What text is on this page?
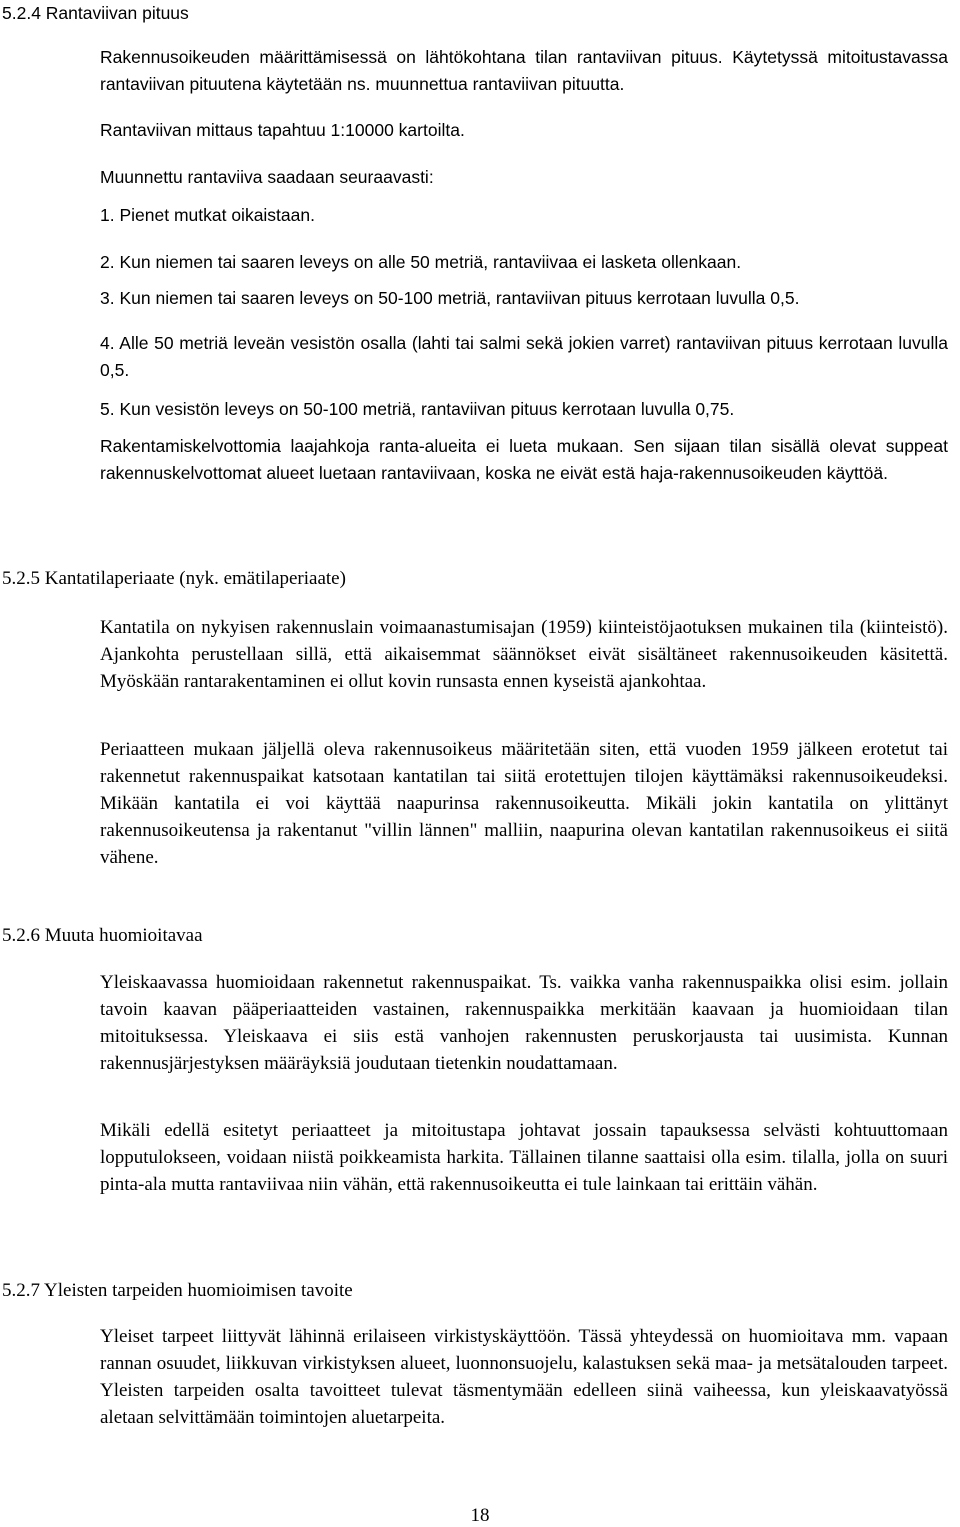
5.2.4 Rantaviivan pituus

Rakennusoikeuden määrittämisessä on lähtökohtana tilan rantaviivan pituus. Käytetyssä mitoitustavassa rantaviivan pituutena käytetään ns. muunnettua rantaviivan pituutta.

Rantaviivan mittaus tapahtuu 1:10000 kartoilta.

Muunnettu rantaviiva saadaan seuraavasti:

1. Pienet mutkat oikaistaan.

2. Kun niemen tai saaren leveys on alle 50 metriä, rantaviivaa ei lasketa ollenkaan.

3. Kun niemen tai saaren leveys on 50-100 metriä, rantaviivan pituus kerrotaan luvulla 0,5.

4. Alle 50 metriä leveän vesistön osalla (lahti tai salmi sekä jokien varret) rantaviivan pituus kerrotaan luvulla 0,5.

5. Kun vesistön leveys on 50-100 metriä, rantaviivan pituus kerrotaan luvulla 0,75.

Rakentamiskelvottomia laajahkoja ranta-alueita ei lueta mukaan. Sen sijaan tilan sisällä olevat suppeat rakennuskelvottomat alueet luetaan rantaviivaan, koska ne eivät estä haja-rakennusoikeuden käyttöä.

5.2.5 Kantatilaperiaate (nyk. emätilaperiaate)

Kantatila on nykyisen rakennuslain voimaanastumisajan (1959) kiinteistöjaotuksen mukainen tila (kiinteistö). Ajankohta perustellaan sillä, että aikaisemmat säännökset eivät sisältäneet rakennusoikeuden käsitettä. Myöskään rantarakentaminen ei ollut kovin runsasta ennen kyseistä ajankohtaa.

Periaatteen mukaan jäljellä oleva rakennusoikeus määritetään siten, että vuoden 1959 jälkeen erotetut tai rakennetut rakennuspaikat katsotaan kantatilan tai siitä erotettujen tilojen käyttämäksi rakennusoikeudeksi. Mikään kantatila ei voi käyttää naapurinsa rakennusoikeutta. Mikäli jokin kantatila on ylittänyt rakennusoikeutensa ja rakentanut "villin lännen" malliin, naapurina olevan kantatilan rakennusoikeus ei siitä vähene.

5.2.6 Muuta huomioitavaa

Yleiskaavassa huomioidaan rakennetut rakennuspaikat. Ts. vaikka vanha rakennuspaikka olisi esim. jollain tavoin kaavan pääperiaatteiden vastainen, rakennuspaikka merkitään kaavaan ja huomioidaan tilan mitoituksessa. Yleiskaava ei siis estä vanhojen rakennusten peruskorjausta tai uusimista. Kunnan rakennusjärjestyksen määräyksiä joudutaan tietenkin noudattamaan.

Mikäli edellä esitetyt periaatteet ja mitoitustapa johtavat jossain tapauksessa selvästi kohtuuttomaan lopputulokseen, voidaan niistä poikkeamista harkita. Tällainen tilanne saattaisi olla esim. tilalla, jolla on suuri pinta-ala mutta rantaviivaa niin vähän, että rakennusoikeutta ei tule lainkaan tai erittäin vähän.

5.2.7 Yleisten tarpeiden huomioimisen tavoite

Yleiset tarpeet liittyvät lähinnä erilaiseen virkistyskäyttöön. Tässä yhteydessä on huomioitava mm. vapaan rannan osuudet, liikkuvan virkistyksen alueet, luonnonsuojelu, kalastuksen sekä maa- ja metsätalouden tarpeet. Yleisten tarpeiden osalta tavoitteet tulevat täsmentymään edelleen siinä vaiheessa, kun yleiskaavatyössä aletaan selvittämään toimintojen aluetarpeita.

18
